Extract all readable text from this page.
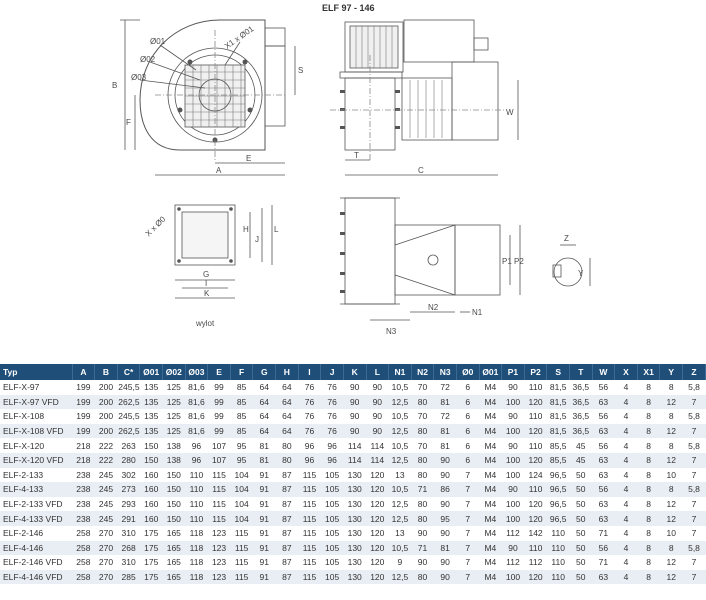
ELF 97 - 146
Ø01
Ø02
Ø03
X1 x Ø01
B
F
S
E
A
T
C
W
G
I
K
H
J
L
X x Ø0
wylot
N3
N2
N1
P1 P2
Z
Y
Typ	A	B	C*	Ø01	Ø02	Ø03	E	F	G	H	I	J	K	L	N1	N2	N3	Ø0	Ø01	P1	P2	S	T	W	X	X1	Y	Z
ELF-X-97	199	200	245,5	135	125	81,6	99	85	64	64	76	76	90	90	10,5	70	72	6	M4	90	110	81,5	36,5	56	4	8	8	5,8
ELF-X-97 VFD	199	200	262,5	135	125	81,6	99	85	64	64	76	76	90	90	12,5	80	81	6	M4	100	120	81,5	36,5	63	4	8	12	7
ELF-X-108	199	200	245,5	135	125	81,6	99	85	64	64	76	76	90	90	10,5	70	72	6	M4	90	110	81,5	36,5	56	4	8	8	5,8
ELF-X-108 VFD	199	200	262,5	135	125	81,6	99	85	64	64	76	76	90	90	12,5	80	81	6	M4	100	120	81,5	36,5	63	4	8	12	7
ELF-X-120	218	222	263	150	138	96	107	95	81	80	96	96	114	114	10,5	70	81	6	M4	90	110	85,5	45	56	4	8	8	5,8
ELF-X-120 VFD	218	222	280	150	138	96	107	95	81	80	96	96	114	114	12,5	80	90	6	M4	100	120	85,5	45	63	4	8	12	7
ELF-2-133	238	245	302	160	150	110	115	104	91	87	115	105	130	120	13	80	90	7	M4	100	124	96,5	50	63	4	8	10	7
ELF-4-133	238	245	273	160	150	110	115	104	91	87	115	105	130	120	10,5	71	86	7	M4	90	110	96,5	50	56	4	8	8	5,8
ELF-2-133 VFD	238	245	293	160	150	110	115	104	91	87	115	105	130	120	12,5	80	90	7	M4	100	120	96,5	50	63	4	8	12	7
ELF-4-133 VFD	238	245	291	160	150	110	115	104	91	87	115	105	130	120	12,5	80	95	7	M4	100	120	96,5	50	63	4	8	12	7
ELF-2-146	258	270	310	175	165	118	123	115	91	87	115	105	130	120	13	90	90	7	M4	112	142	110	50	71	4	8	10	7
ELF-4-146	258	270	268	175	165	118	123	115	91	87	115	105	130	120	10,5	71	81	7	M4	90	110	110	50	56	4	8	8	5,8
ELF-2-146 VFD	258	270	310	175	165	118	123	115	91	87	115	105	130	120	9	90	90	7	M4	112	112	110	50	71	4	8	12	7
ELF-4-146 VFD	258	270	285	175	165	118	123	115	91	87	115	105	130	120	12,5	80	90	7	M4	100	120	110	50	63	4	8	12	7
